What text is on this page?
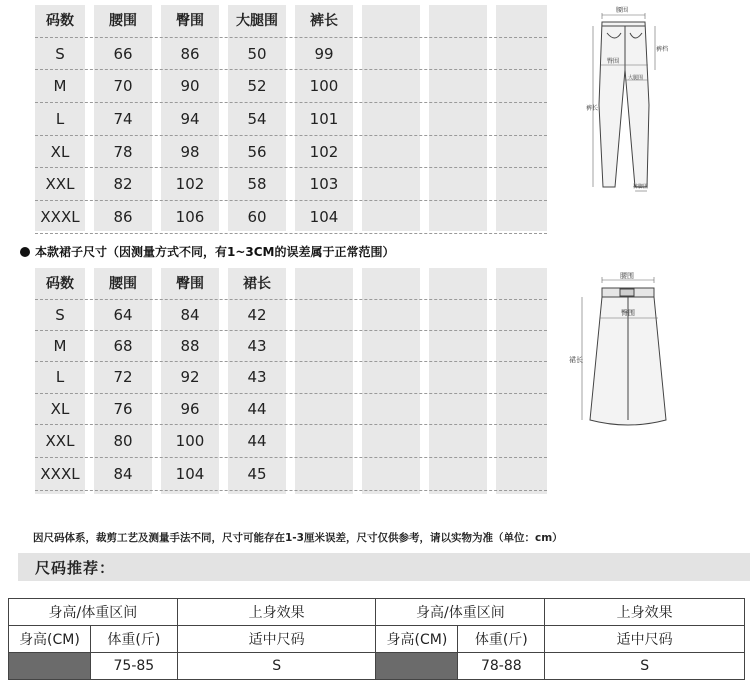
码数	腰围	臀围	大腿围	裤长
S	66	86	50	99
M	70	90	52	100
L	74	94	54	101
XL	78	98	56	102
XXL	82	102	58	103
XXXL	86	106	60	104
腰围
裤档
臀围
大腿围
裤长
裤脚围
本款裙子尺寸（因测量方式不同，有1~3CM的误差属于正常范围）
码数	腰围	臀围	裙长
S	64	84	42
M	68	88	43
L	72	92	43
XL	76	96	44
XXL	80	100	44
XXXL	84	104	45
腰围
臀围
裙长
因尺码体系，裁剪工艺及测量手法不同，尺寸可能存在1-3厘米误差，尺寸仅供参考，请以实物为准（单位：cm）
尺码推荐：
身高/体重区间		上身效果	身高/体重区间		上身效果
身高(CM)	体重(斤)	适中尺码	身高(CM)	体重(斤)	适中尺码
	75-85	S		78-88	S
